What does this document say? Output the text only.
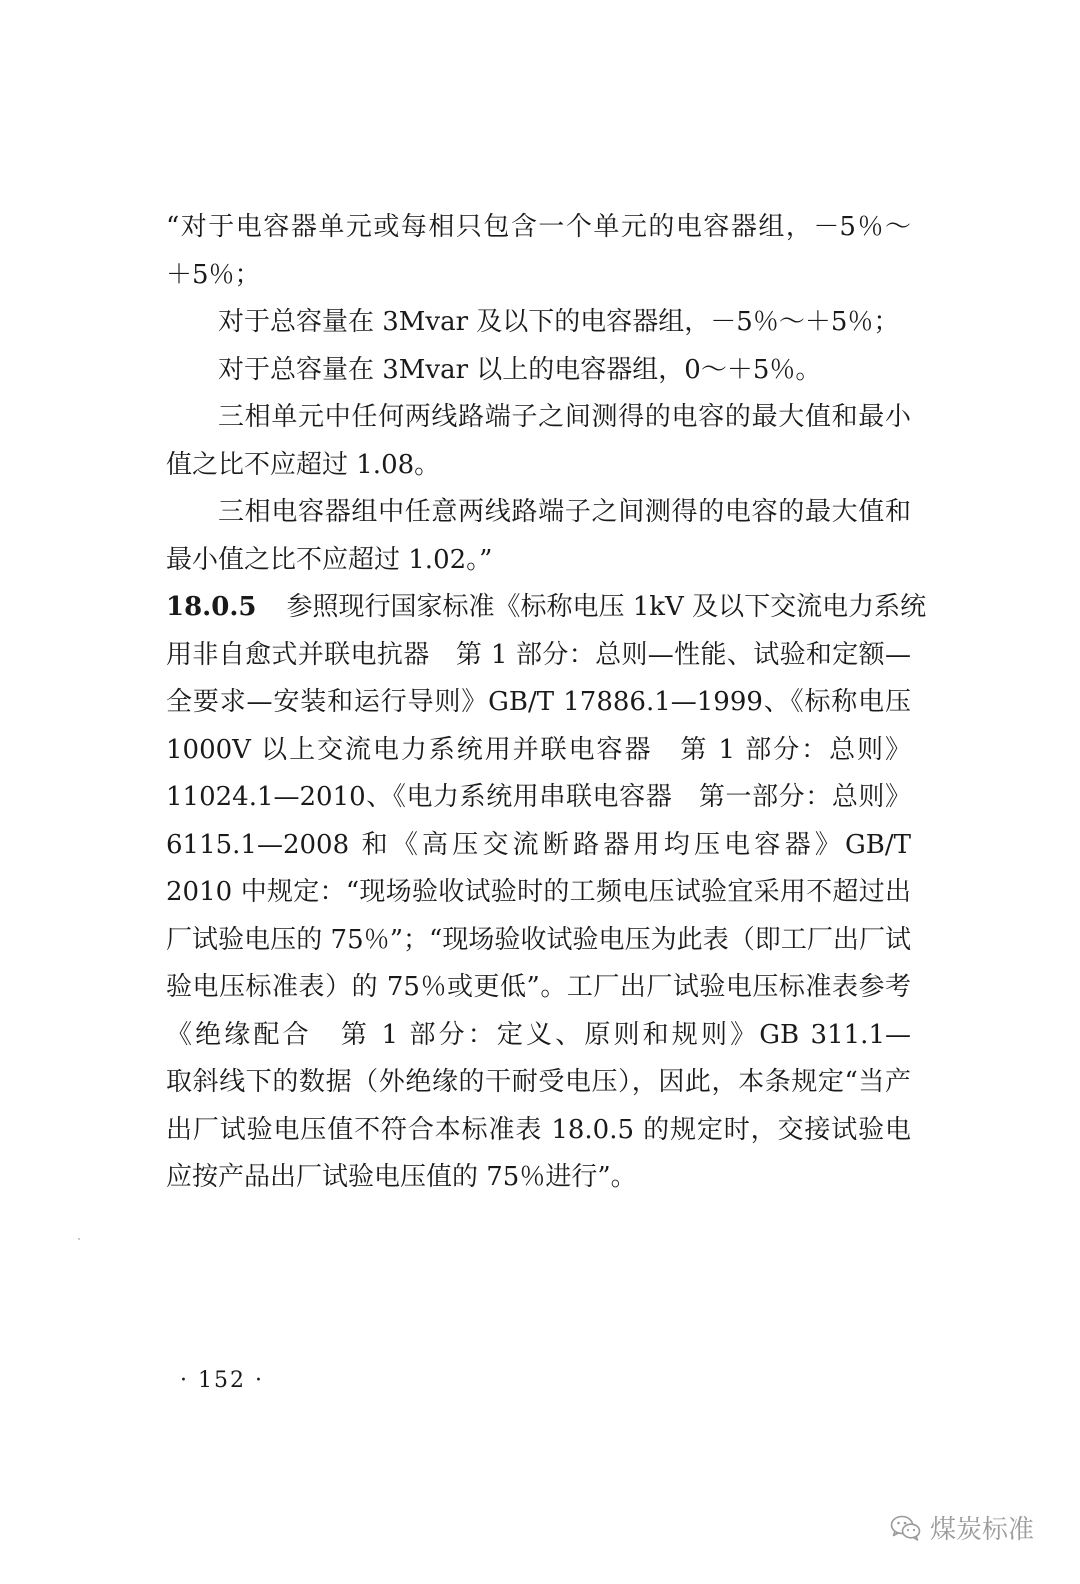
“对于电容器单元或每相只包含一个单元的电容器组，－5％～
＋5％；
对于总容量在 3Mvar 及以下的电容器组，－5％～＋5％；
对于总容量在 3Mvar 以上的电容器组，0～＋5％。
三相单元中任何两线路端子之间测得的电容的最大值和最小
值之比不应超过 1.08。
三相电容器组中任意两线路端子之间测得的电容的最大值和
最小值之比不应超过 1.02。”
18.0.5 参照现行国家标准《标称电压 1kV 及以下交流电力系统
用非自愈式并联电抗器　第 1 部分：总则—性能、试验和定额—
全要求—安装和运行导则》GB/T 17886.1—1999、《标称电压
1000V 以上交流电力系统用并联电容器　第 1 部分：总则》
11024.1—2010、《电力系统用串联电容器　第一部分：总则》
6115.1—2008 和《高压交流断路器用均压电容器》GB/T
2010 中规定：“现场验收试验时的工频电压试验宜采用不超过出
厂试验电压的 75％”；“现场验收试验电压为此表（即工厂出厂试
验电压标准表）的 75％或更低”。工厂出厂试验电压标准表参考
《绝缘配合　第 1 部分：定义、原则和规则》GB 311.1—
取斜线下的数据（外绝缘的干耐受电压），因此，本条规定“当产
出厂试验电压值不符合本标准表 18.0.5 的规定时，交接试验电
应按产品出厂试验电压值的 75％进行”。
· 152 ·
煤炭标准
